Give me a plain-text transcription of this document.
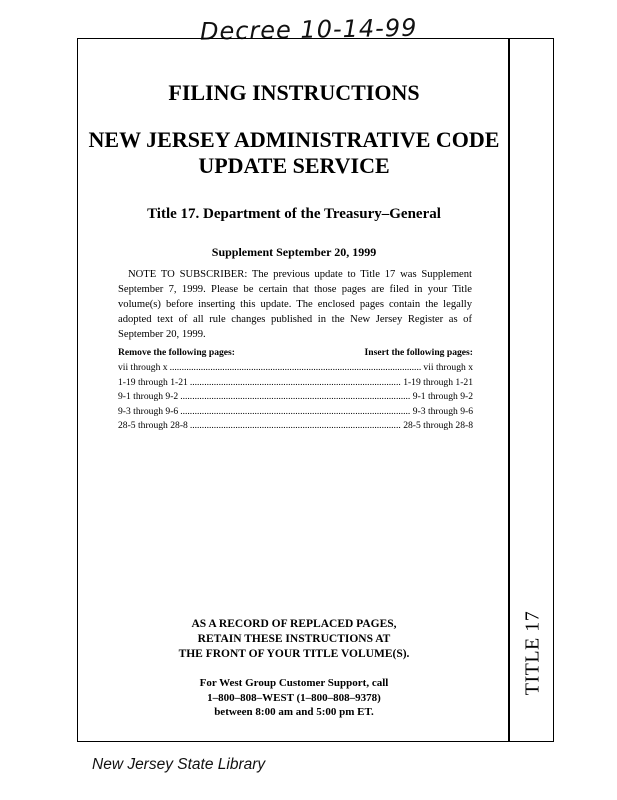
Decree 10-14-99
TITLE 17
FILING INSTRUCTIONS
NEW JERSEY ADMINISTRATIVE CODE
UPDATE SERVICE
Title 17. Department of the Treasury–General
Supplement September 20, 1999
NOTE TO SUBSCRIBER: The previous update to Title 17 was Supplement September 7, 1999. Please be certain that those pages are filed in your Title volume(s) before inserting this update. The enclosed pages contain the legally adopted text of all rule changes published in the New Jersey Register as of September 20, 1999.
Remove the following pages:	Insert the following pages:
vii through x . . .	vii through x
1-19 through 1-21 . . .	1-19 through 1-21
9-1 through 9-2 . . .	9-1 through 9-2
9-3 through 9-6 . . .	9-3 through 9-6
28-5 through 28-8 . . .	28-5 through 28-8
AS A RECORD OF REPLACED PAGES,
RETAIN THESE INSTRUCTIONS AT
THE FRONT OF YOUR TITLE VOLUME(S).
For West Group Customer Support, call
1–800–808–WEST (1–800–808–9378)
between 8:00 am and 5:00 pm ET.
New Jersey State Library
